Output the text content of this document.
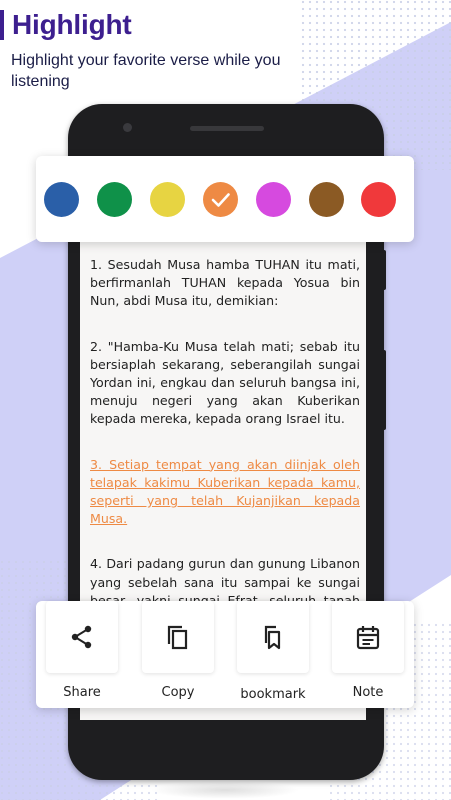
Highlight
Highlight your favorite verse while you listening

1. Sesudah Musa hamba TUHAN itu mati, berfirmanlah TUHAN kepada Yosua bin Nun, abdi Musa itu, demikian:

2. "Hamba-Ku Musa telah mati; sebab itu bersiaplah sekarang, seberangilah sungai Yordan ini, engkau dan seluruh bangsa ini, menuju negeri yang akan Kuberikan kepada mereka, kepada orang Israel itu.

3. Setiap tempat yang akan diinjak oleh telapak kakimu Kuberikan kepada kamu, seperti yang telah Kujanjikan kepada Musa.

4. Dari padang gurun dan gunung Libanon yang sebelah sana itu sampai ke sungai

Share	Copy	bookmark	Note
